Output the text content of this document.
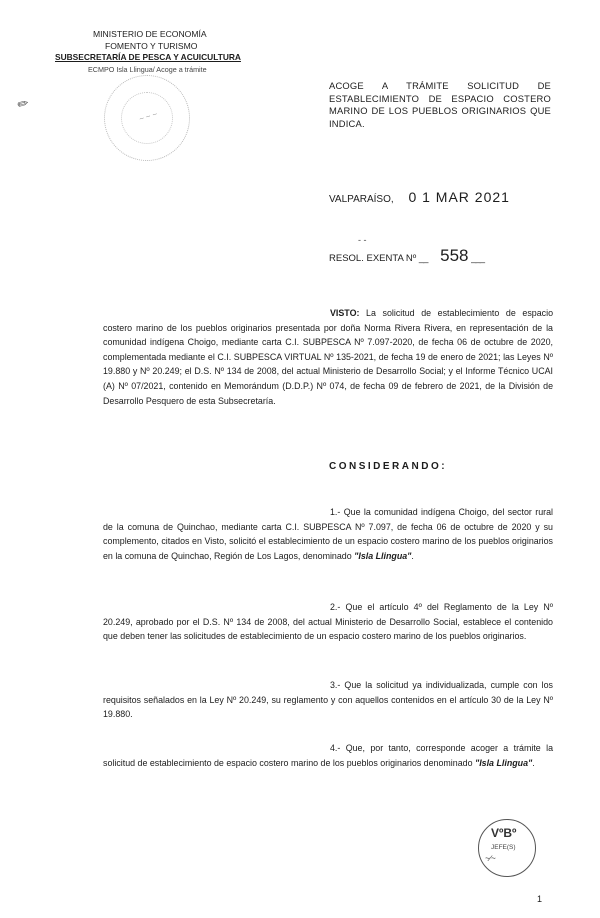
MINISTERIO DE ECONOMÍA
FOMENTO Y TURISMO
SUBSECRETARÍA DE PESCA Y ACUICULTURA
ECMPO Isla Llingua/ Acoge a trámite
~ ~ ~
✎
ACOGE A TRÁMITE SOLICITUD DE ESTABLECIMIENTO DE ESPACIO COSTERO MARINO DE LOS PUEBLOS ORIGINARIOS QUE INDICA.
VALPARAÍSO, 0 1 MAR 2021
- -
RESOL. EXENTA Nº __ 558 ___
VISTO: La solicitud de establecimiento de espacio costero marino de los pueblos originarios presentada por doña Norma Rivera Rivera, en representación de la comunidad indígena Choigo, mediante carta C.I. SUBPESCA Nº 7.097-2020, de fecha 06 de octubre de 2020, complementada mediante el C.I. SUBPESCA VIRTUAL Nº 135-2021, de fecha 19 de enero de 2021; las Leyes Nº 19.880 y Nº 20.249; el D.S. Nº 134 de 2008, del actual Ministerio de Desarrollo Social; y el Informe Técnico UCAI (A) Nº 07/2021, contenido en Memorándum (D.D.P.) Nº 074, de fecha 09 de febrero de 2021, de la División de Desarrollo Pesquero de esta Subsecretaría.
CONSIDERANDO:
1.- Que la comunidad indígena Choigo, del sector rural de la comuna de Quinchao, mediante carta C.I. SUBPESCA Nº 7.097, de fecha 06 de octubre de 2020 y su complemento, citados en Visto, solicitó el establecimiento de un espacio costero marino de los pueblos originarios en la comuna de Quinchao, Región de Los Lagos, denominado "Isla Llingua".
2.- Que el artículo 4º del Reglamento de la Ley Nº 20.249, aprobado por el D.S. Nº 134 de 2008, del actual Ministerio de Desarrollo Social, establece el contenido que deben tener las solicitudes de establecimiento de un espacio costero marino de los pueblos originarios.
3.- Que la solicitud ya individualizada, cumple con los requisitos señalados en la Ley Nº 20.249, su reglamento y con aquellos contenidos en el artículo 30 de la Ley Nº 19.880.
4.- Que, por tanto, corresponde acoger a trámite la solicitud de establecimiento de espacio costero marino de los pueblos originarios denominado "Isla Llingua".
VºBº
JEFE(S)
~∕~
1
